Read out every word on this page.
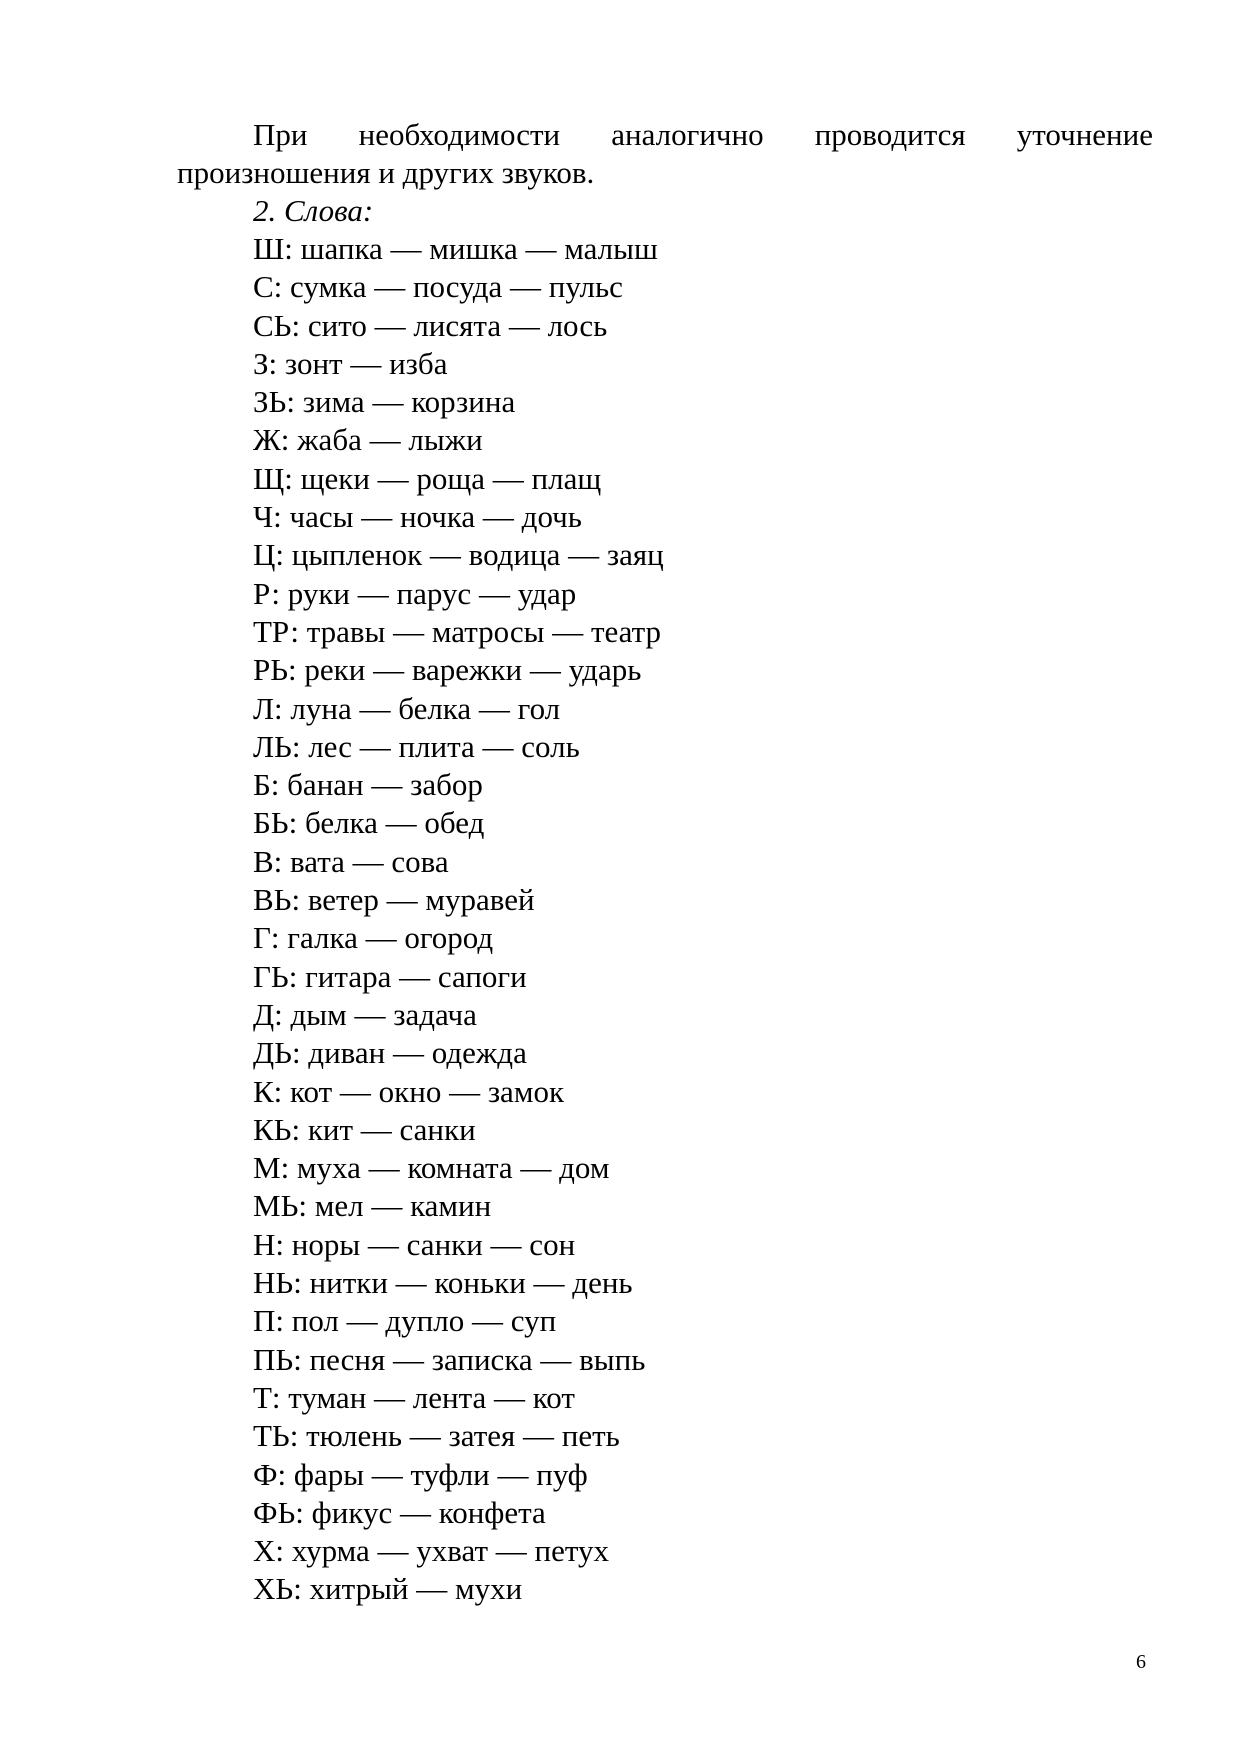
При необходимости аналогично проводится уточнение
произношения и других звуков.

2. Слова:

Ш: шапка — мишка — малыш
С: сумка — посуда — пульс
СЬ: сито — лисята — лось
З: зонт — изба
ЗЬ: зима — корзина
Ж: жаба — лыжи
Щ: щеки — роща — плащ
Ч: часы — ночка — дочь
Ц: цыпленок — водица — заяц
Р: руки — парус — удар
ТР: травы — матросы — театр
РЬ: реки — варежки — ударь
Л: луна — белка — гол
ЛЬ: лес — плита — соль
Б: банан — забор
БЬ: белка — обед
В: вата — сова
ВЬ: ветер — муравей
Г: галка — огород
ГЬ: гитара — сапоги
Д: дым — задача
ДЬ: диван — одежда
К: кот — окно — замок
КЬ: кит — санки
М: муха — комната — дом
МЬ: мел — камин
Н: норы — санки — сон
НЬ: нитки — коньки — день
П: пол — дупло — суп
ПЬ: песня — записка — выпь
Т: туман — лента — кот
ТЬ: тюлень — затея — петь
Ф: фары — туфли — пуф
ФЬ: фикус — конфета
Х: хурма — ухват — петух
ХЬ: хитрый — мухи
6
